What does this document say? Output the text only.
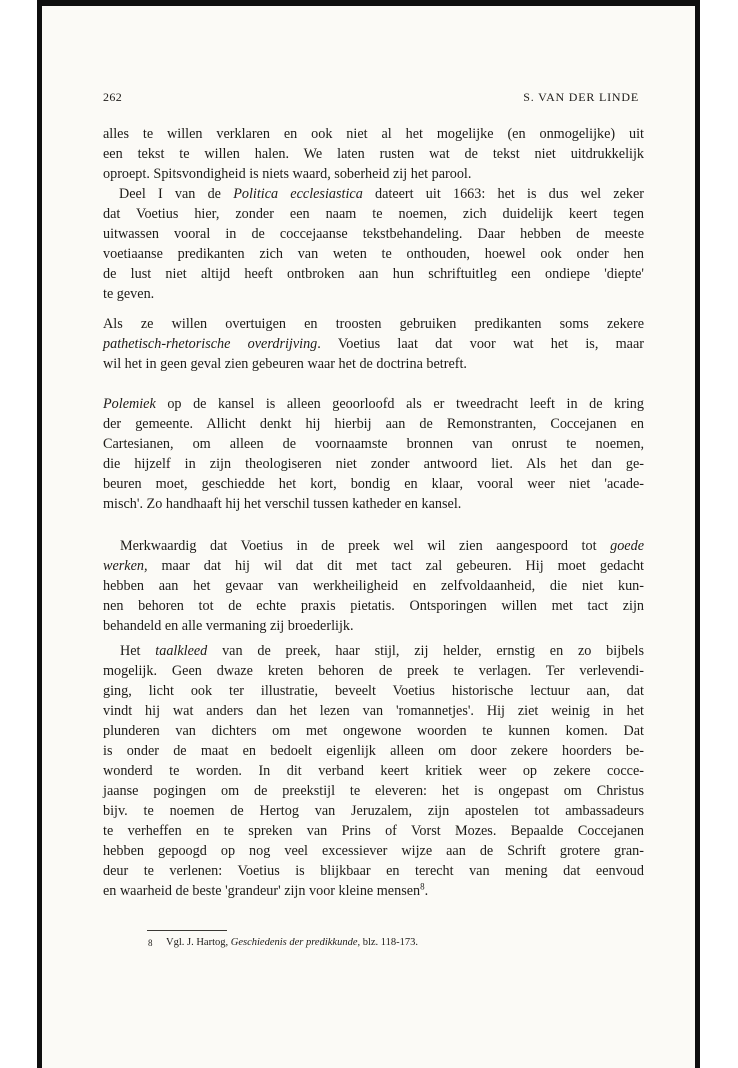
262	S. VAN DER LINDE
alles te willen verklaren en ook niet al het mogelijke (en onmogelijke) uit
een tekst te willen halen. We laten rusten wat de tekst niet uitdrukkelijk
oproept. Spitsvondigheid is niets waard, soberheid zij het parool.
Deel I van de Politica ecclesiastica dateert uit 1663: het is dus wel zeker
dat Voetius hier, zonder een naam te noemen, zich duidelijk keert tegen
uitwassen vooral in de coccejaanse tekstbehandeling. Daar hebben de meeste
voetiaanse predikanten zich van weten te onthouden, hoewel ook onder hen
de lust niet altijd heeft ontbroken aan hun schriftuitleg een ondiepe 'diepte'
te geven.
Als ze willen overtuigen en troosten gebruiken predikanten soms zekere
pathetisch-rhetorische overdrijving. Voetius laat dat voor wat het is, maar
wil het in geen geval zien gebeuren waar het de doctrina betreft.
Polemiek op de kansel is alleen geoorloofd als er tweedracht leeft in de kring
der gemeente. Allicht denkt hij hierbij aan de Remonstranten, Coccejanen en
Cartesianen, om alleen de voornaamste bronnen van onrust te noemen,
die hijzelf in zijn theologiseren niet zonder antwoord liet. Als het dan ge-
beuren moet, geschiedde het kort, bondig en klaar, vooral weer niet 'acade-
misch'. Zo handhaaft hij het verschil tussen katheder en kansel.
Merkwaardig dat Voetius in de preek wel wil zien aangespoord tot goede
werken, maar dat hij wil dat dit met tact zal gebeuren. Hij moet gedacht
hebben aan het gevaar van werkheiligheid en zelfvoldaanheid, die niet kun-
nen behoren tot de echte praxis pietatis. Ontsporingen willen met tact zijn
behandeld en alle vermaning zij broederlijk.
Het taalkleed van de preek, haar stijl, zij helder, ernstig en zo bijbels
mogelijk. Geen dwaze kreten behoren de preek te verlagen. Ter verlevendi-
ging, licht ook ter illustratie, beveelt Voetius historische lectuur aan, dat
vindt hij wat anders dan het lezen van 'romannetjes'. Hij ziet weinig in het
plunderen van dichters om met ongewone woorden te kunnen komen. Dat
is onder de maat en bedoelt eigenlijk alleen om door zekere hoorders be-
wonderd te worden. In dit verband keert kritiek weer op zekere cocce-
jaanse pogingen om de preekstijl te eleveren: het is ongepast om Christus
bijv. te noemen de Hertog van Jeruzalem, zijn apostelen tot ambassadeurs
te verheffen en te spreken van Prins of Vorst Mozes. Bepaalde Coccejanen
hebben gepoogd op nog veel excessiever wijze aan de Schrift grotere gran-
deur te verlenen: Voetius is blijkbaar en terecht van mening dat eenvoud
en waarheid de beste 'grandeur' zijn voor kleine mensen$^8$.
8 Vgl. J. Hartog, Geschiedenis der predikkunde, blz. 118-173.
